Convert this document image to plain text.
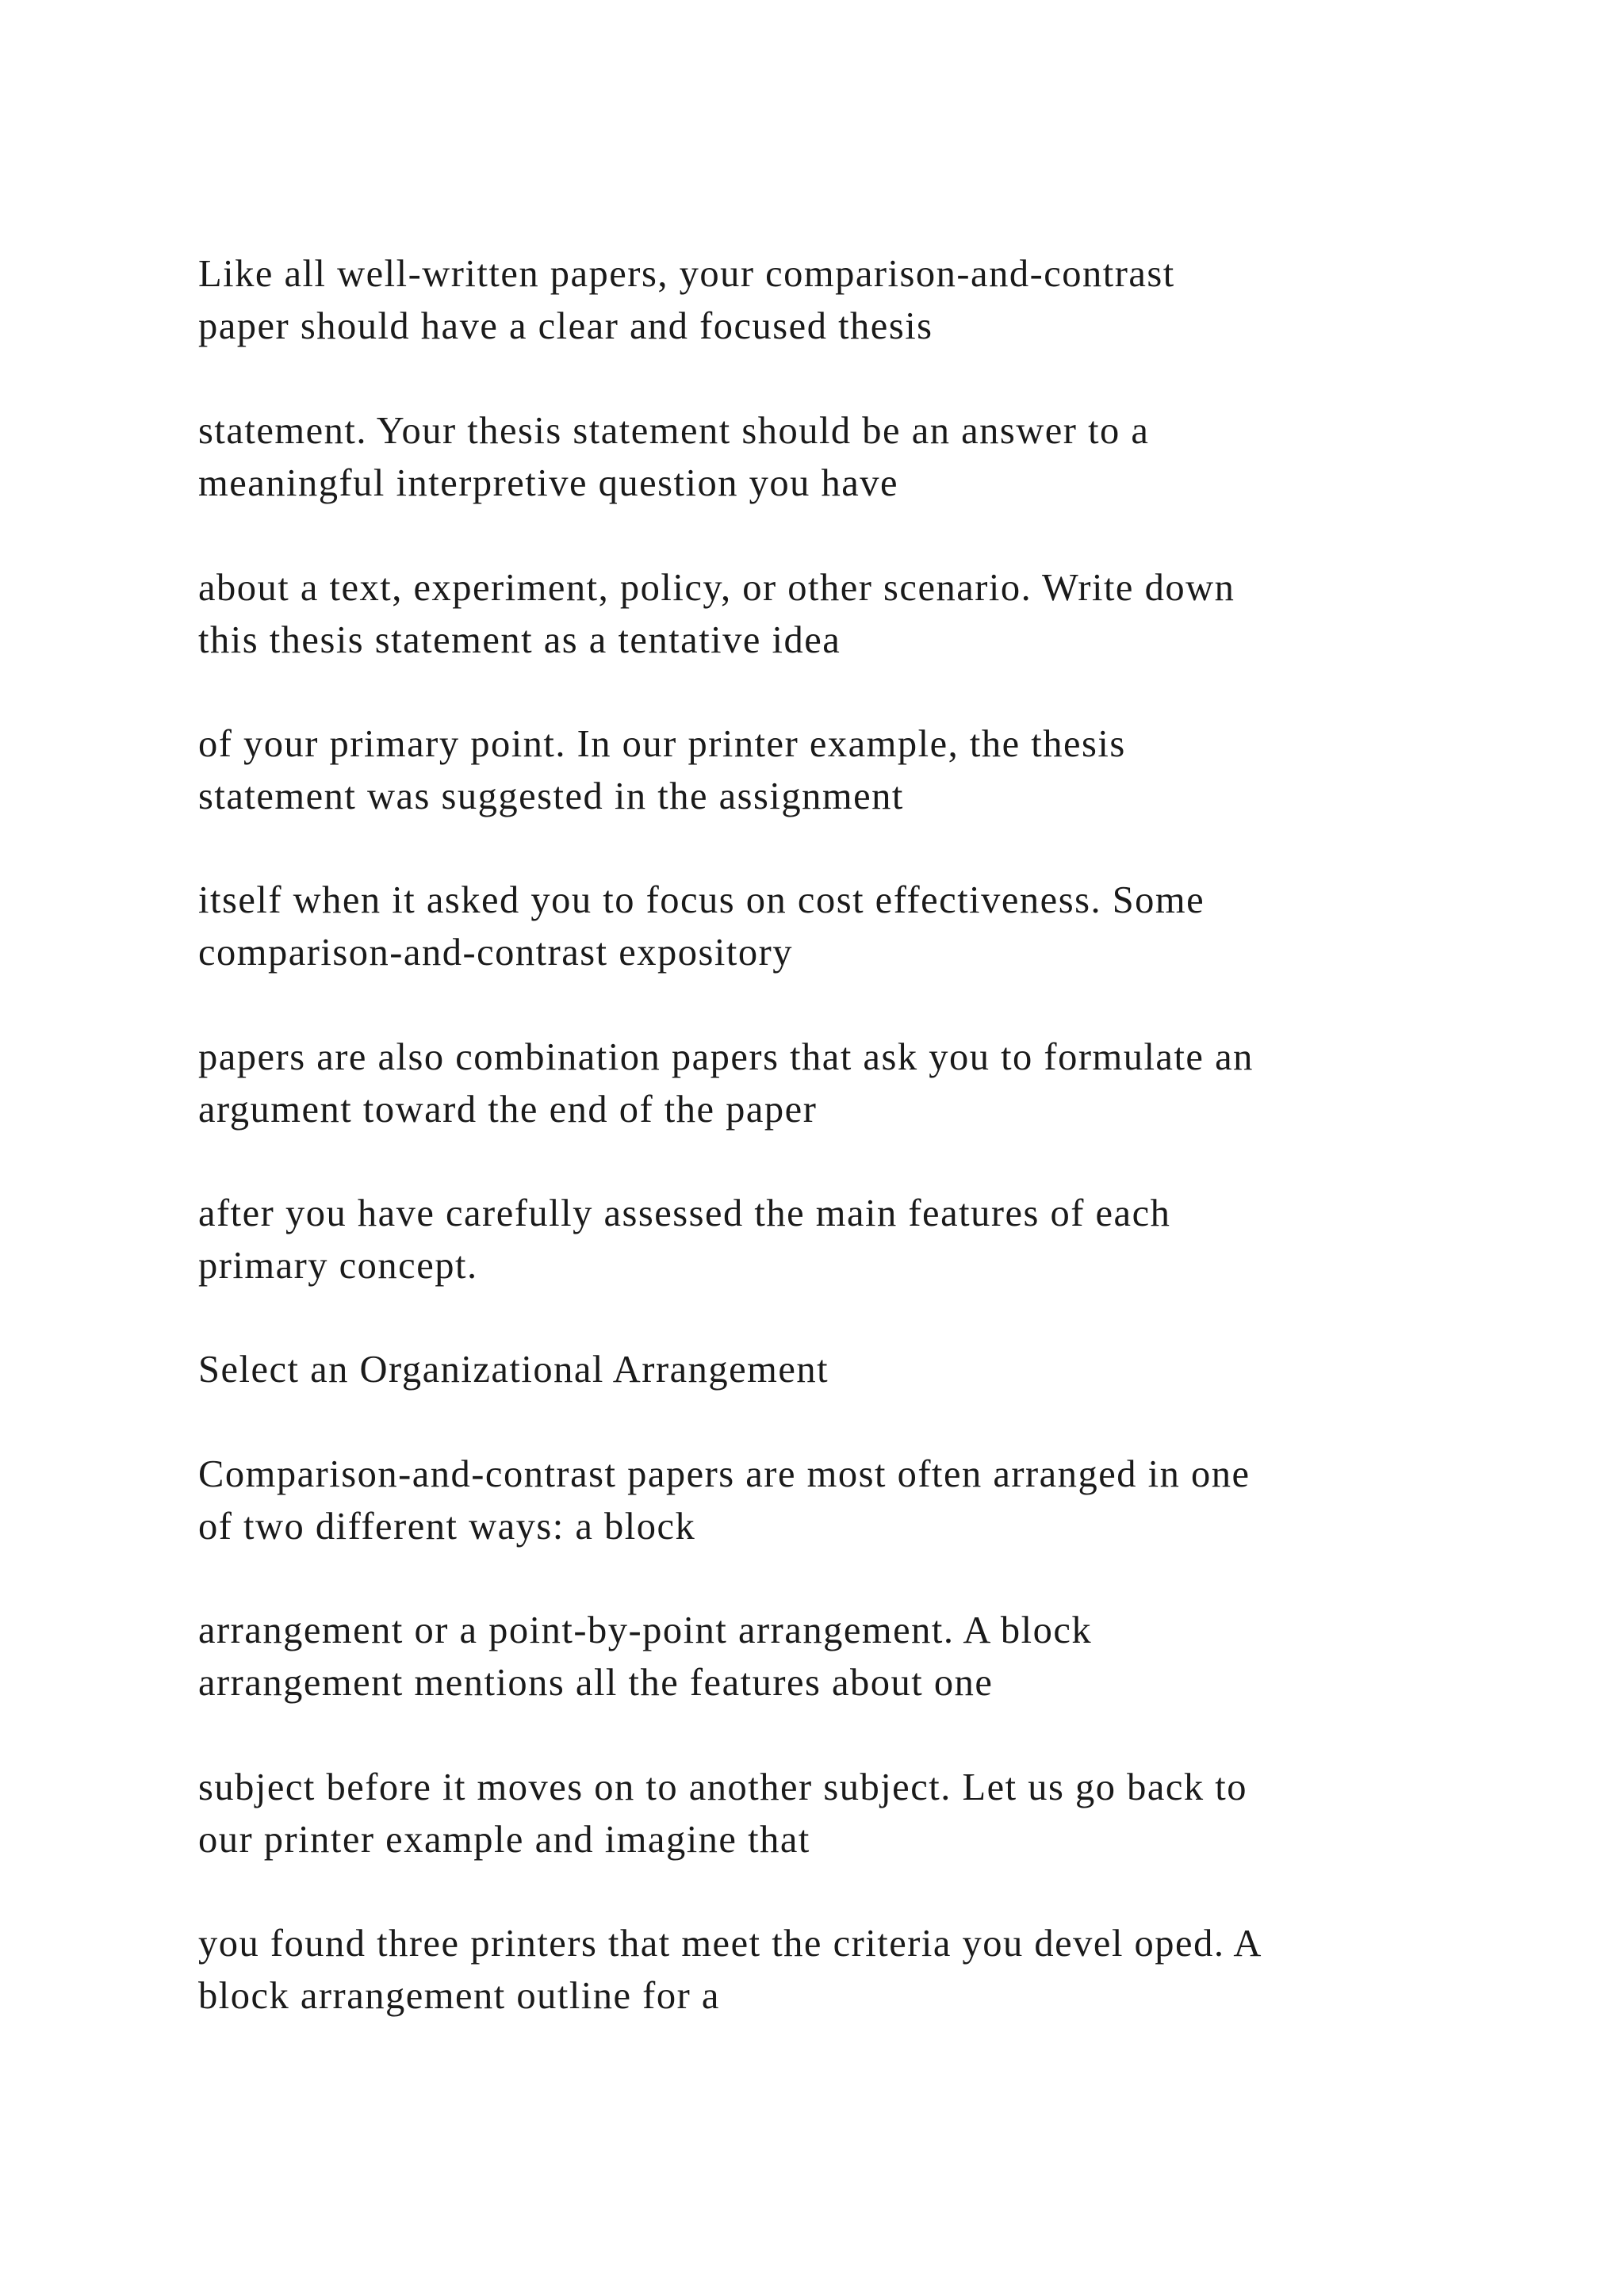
Like all well-written papers, your comparison-and-contrast
paper should have a clear and focused thesis

statement. Your thesis statement should be an answer to a
meaningful interpretive question you have

about a text, experiment, policy, or other scenario. Write down
this thesis statement as a tentative idea

of your primary point. In our printer example, the thesis
statement was suggested in the assignment

itself when it asked you to focus on cost effectiveness. Some
comparison-and-contrast expository

papers are also combination papers that ask you to formulate an
argument toward the end of the paper

after you have carefully assessed the main features of each
primary concept.

Select an Organizational Arrangement

Comparison-and-contrast papers are most often arranged in one
of two different ways: a block

arrangement or a point-by-point arrangement. A block
arrangement mentions all the features about one

subject before it moves on to another subject. Let us go back to
our printer example and imagine that

you found three printers that meet the criteria you devel oped. A
block arrangement outline for a
